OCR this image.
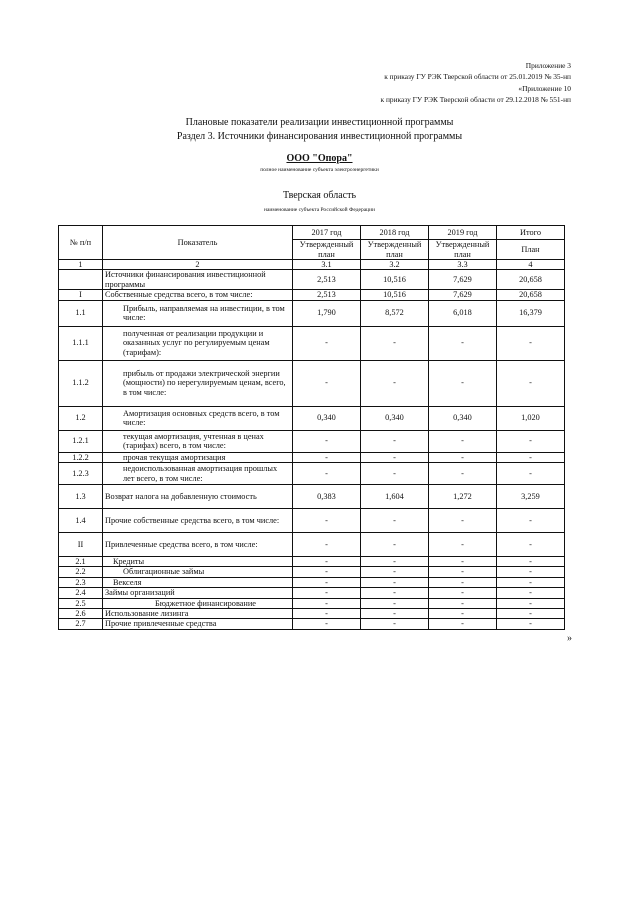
Приложение 3
к приказу ГУ РЭК Тверской области от 25.01.2019 № 35-нп
«Приложение 10
к приказу ГУ РЭК Тверской области от 29.12.2018 № 551-нп
Плановые показатели реализации инвестиционной программы
Раздел 3. Источники финансирования инвестиционной программы
ООО "Опора"
полное наименование субъекта электроэнергетики
Тверская область
наименование субъекта Российской Федерации
№ п/п	Показатель	2017 год	2018 год	2019 год	Итого
		Утвержденный план	Утвержденный план	Утвержденный план	План
1	2	3.1	3.2	3.3	4
	Источники финансирования инвестиционной программы	2,513	10,516	7,629	20,658
I	Собственные средства всего, в том числе:	2,513	10,516	7,629	20,658
1.1	Прибыль, направляемая на инвестиции, в том числе:	1,790	8,572	6,018	16,379
1.1.1	полученная от реализации продукции и оказанных услуг по регулируемым ценам (тарифам):	-	-	-	-
1.1.2	прибыль от продажи электрической энергии (мощности) по нерегулируемым ценам, всего, в том числе:	-	-	-	-
1.2	Амортизация основных средств всего, в том числе:	0,340	0,340	0,340	1,020
1.2.1	текущая амортизация, учтенная в ценах (тарифах) всего, в том числе:	-	-	-	-
1.2.2	прочая текущая амортизация	-	-	-	-
1.2.3	недоиспользованная амортизация прошлых лет всего, в том числе:	-	-	-	-
1.3	Возврат налога на добавленную стоимость	0,383	1,604	1,272	3,259
1.4	Прочие собственные средства всего, в том числе:	-	-	-	-
II	Привлеченные средства всего, в том числе:	-	-	-	-
2.1	Кредиты	-	-	-	-
2.2	Облигационные займы	-	-	-	-
2.3	Векселя	-	-	-	-
2.4	Займы организаций	-	-	-	-
2.5	Бюджетное финансирование	-	-	-	-
2.6	Использование лизинга	-	-	-	-
2.7	Прочие привлеченные средства	-	-	-	-
»
